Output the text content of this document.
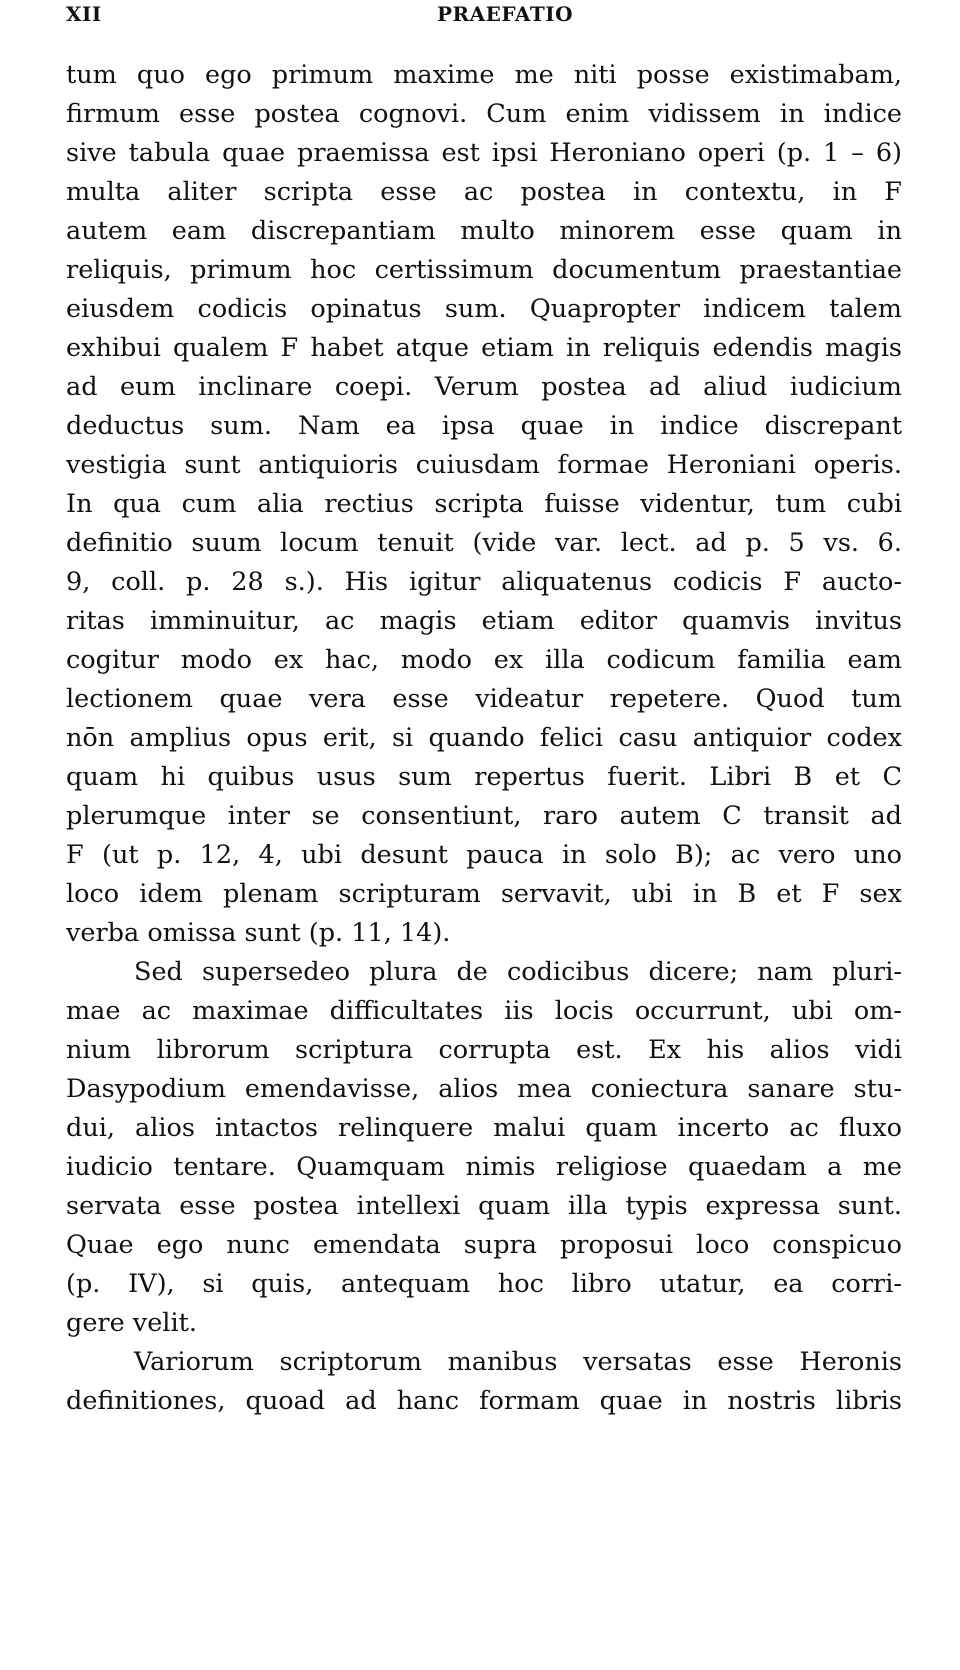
XII	PRAEFATIO
tum quo ego primum maxime me niti posse existimabam,
firmum esse postea cognovi. Cum enim vidissem in indice
sive tabula quae praemissa est ipsi Heroniano operi (p. 1 – 6)
multa aliter scripta esse ac postea in contextu, in F
autem eam discrepantiam multo minorem esse quam in
reliquis, primum hoc certissimum documentum praestantiae
eiusdem codicis opinatus sum. Quapropter indicem talem
exhibui qualem F habet atque etiam in reliquis edendis magis
ad eum inclinare coepi. Verum postea ad aliud iudicium
deductus sum. Nam ea ipsa quae in indice discrepant
vestigia sunt antiquioris cuiusdam formae Heroniani operis.
In qua cum alia rectius scripta fuisse videntur, tum cubi
definitio suum locum tenuit (vide var. lect. ad p. 5 vs. 6.
9, coll. p. 28 s.). His igitur aliquatenus codicis F aucto-
ritas imminuitur, ac magis etiam editor quamvis invitus
cogitur modo ex hac, modo ex illa codicum familia eam
lectionem quae vera esse videatur repetere. Quod tum
nōn amplius opus erit, si quando felici casu antiquior codex
quam hi quibus usus sum repertus fuerit. Libri B et C
plerumque inter se consentiunt, raro autem C transit ad
F (ut p. 12, 4, ubi desunt pauca in solo B); ac vero uno
loco idem plenam scripturam servavit, ubi in B et F sex
verba omissa sunt (p. 11, 14).
Sed supersedeo plura de codicibus dicere; nam pluri-
mae ac maximae difficultates iis locis occurrunt, ubi om-
nium librorum scriptura corrupta est. Ex his alios vidi
Dasypodium emendavisse, alios mea coniectura sanare stu-
dui, alios intactos relinquere malui quam incerto ac fluxo
iudicio tentare. Quamquam nimis religiose quaedam a me
servata esse postea intellexi quam illa typis expressa sunt.
Quae ego nunc emendata supra proposui loco conspicuo
(p. IV), si quis, antequam hoc libro utatur, ea corri-
gere velit.
Variorum scriptorum manibus versatas esse Heronis
definitiones, quoad ad hanc formam quae in nostris libris
